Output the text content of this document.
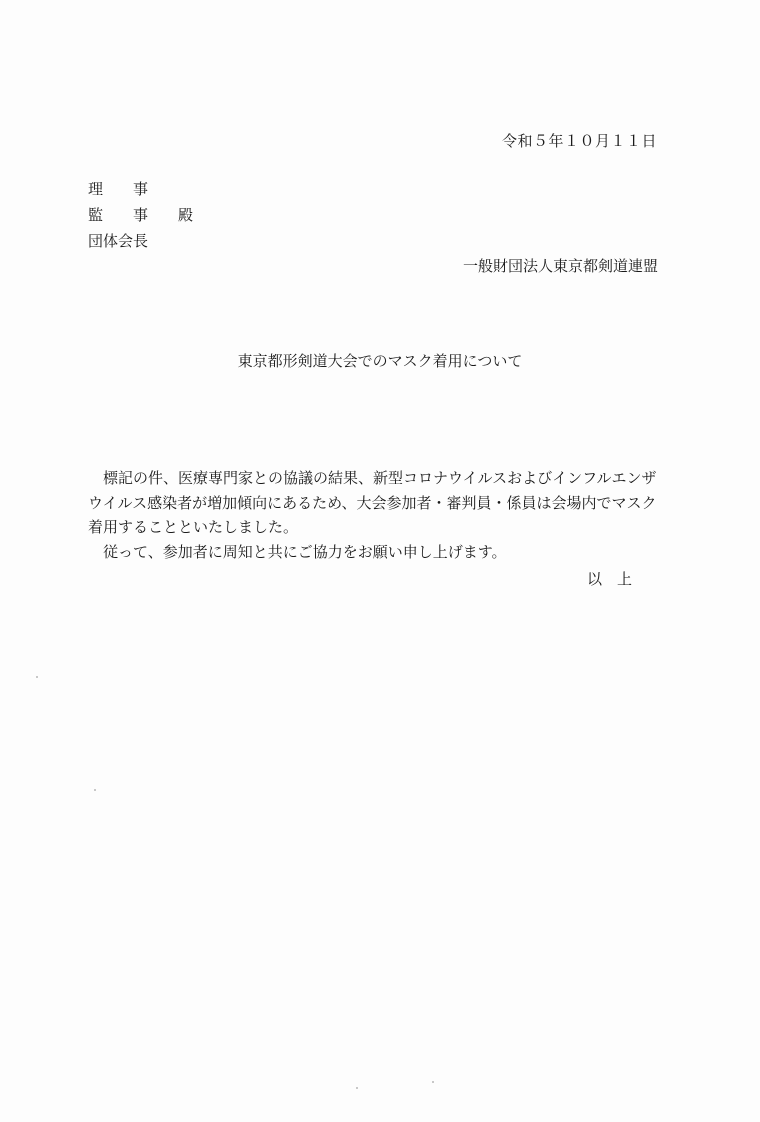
令和５年１０月１１日
理　　事
監　　事　　殿
団体会長
一般財団法人東京都剣道連盟
東京都形剣道大会でのマスク着用について

標記の件、医療専門家との協議の結果、新型コロナウイルスおよびインフルエンザウイルス感染者が増加傾向にあるため、大会参加者・審判員・係員は会場内でマスク着用することといたしました。

従って、参加者に周知と共にご協力をお願い申し上げます。

以　上
